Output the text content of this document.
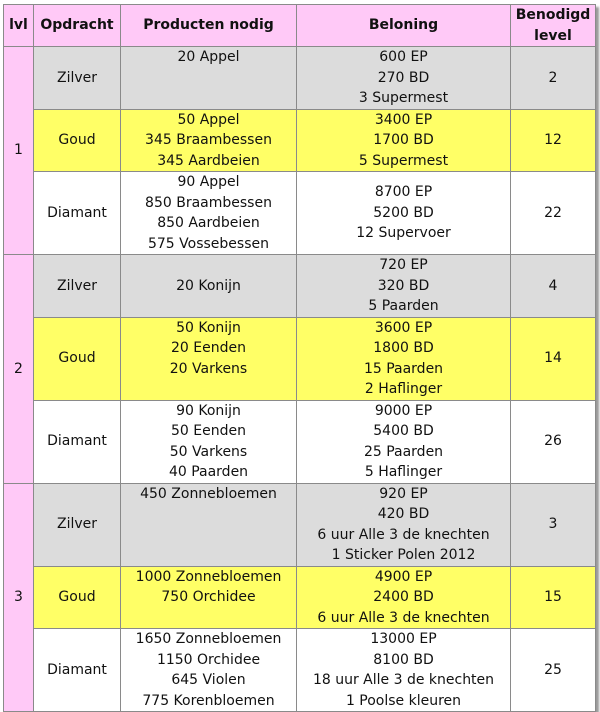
lvl	Opdracht	Producten nodig	Beloning	Benodigd level
1	Zilver	20 Appel	600 EP
270 BD
3 Supermest	2
	Goud	50 Appel
345 Braambessen
345 Aardbeien	3400 EP
1700 BD
5 Supermest	12
	Diamant	90 Appel
850 Braambessen
850 Aardbeien
575 Vossebessen	8700 EP
5200 BD
12 Supervoer	22
2	Zilver	20 Konijn	720 EP
320 BD
5 Paarden	4
	Goud	50 Konijn
20 Eenden
20 Varkens	3600 EP
1800 BD
15 Paarden
2 Haflinger	14
	Diamant	90 Konijn
50 Eenden
50 Varkens
40 Paarden	9000 EP
5400 BD
25 Paarden
5 Haflinger	26
3	Zilver	450 Zonnebloemen	920 EP
420 BD
6 uur Alle 3 de knechten
1 Sticker Polen 2012	3
	Goud	1000 Zonnebloemen
750 Orchidee	4900 EP
2400 BD
6 uur Alle 3 de knechten	15
	Diamant	1650 Zonnebloemen
1150 Orchidee
645 Violen
775 Korenbloemen	13000 EP
8100 BD
18 uur Alle 3 de knechten
1 Poolse kleuren	25
